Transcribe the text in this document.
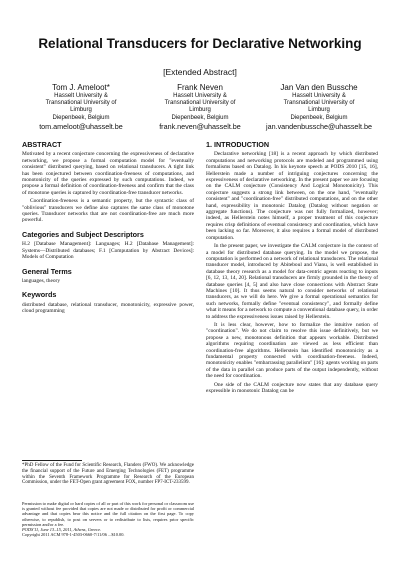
Relational Transducers for Declarative Networking
[Extended Abstract]
Tom J. Ameloot*
Hasselt University &
Transnational University of
Limburg
Diepenbeek, Belgium
tom.ameloot@uhasselt.be
Frank Neven
Hasselt University &
Transnational University of
Limburg
Diepenbeek, Belgium
frank.neven@uhasselt.be
Jan Van den Bussche
Hasselt University &
Transnational University of
Limburg
Diepenbeek, Belgium
jan.vandenbussche@uhasselt.be
ABSTRACT

Motivated by a recent conjecture concerning the expressiveness of declarative networking, we propose a formal computation model for "eventually consistent" distributed querying, based on relational transducers. A tight link has been conjectured between coordination-freeness of computations, and monotonicity of the queries expressed by such computations. Indeed, we propose a formal definition of coordination-freeness and confirm that the class of monotone queries is captured by coordination-free transducer networks.

Coordination-freeness is a semantic property, but the syntactic class of "oblivious" transducers we define also captures the same class of monotone queries. Transducer networks that are not coordination-free are much more powerful.

Categories and Subject Descriptors

H.2 [Database Management]: Languages; H.2 [Database Management]: Systems—Distributed databases; F.1 [Computation by Abstract Devices]: Models of Computation

General Terms

languages, theory

Keywords

distributed database, relational transducer, monotonicity, expressive power, cloud programming

*PhD Fellow of the Fund for Scientific Research, Flanders (FWO). We acknowledge the financial support of the Future and Emerging Technologies (FET) programme within the Seventh Framework Programme for Research of the European Commission, under the FET-Open grant agreement FOX, number FP7-ICT-233599.
Permission to make digital or hard copies of all or part of this work for personal or classroom use is granted without fee provided that copies are not made or distributed for profit or commercial advantage and that copies bear this notice and the full citation on the first page. To copy otherwise, to republish, to post on servers or to redistribute to lists, requires prior specific permission and/or a fee.
PODS'11, June 13–15, 2011, Athens, Greece.
Copyright 2011 ACM 978-1-4503-0660-7/11/06 ...$10.00.
1. INTRODUCTION

Declarative networking [18] is a recent approach by which distributed computations and networking protocols are modeled and programmed using formalisms based on Datalog. In his keynote speech at PODS 2010 [15, 16], Hellerstein made a number of intriguing conjectures concerning the expressiveness of declarative networking. In the present paper we are focusing on the CALM conjecture (Consistency And Logical Monotonicity). This conjecture suggests a strong link between, on the one hand, "eventually consistent" and "coordination-free" distributed computations, and on the other hand, expressibility in monotonic Datalog (Datalog without negation or aggregate functions). The conjecture was not fully formalized, however; indeed, as Hellerstein notes himself, a proper treatment of this conjecture requires crisp definitions of eventual consistency and coordination, which have been lacking so far. Moreover, it also requires a formal model of distributed computation.

In the present paper, we investigate the CALM conjecture in the context of a model for distributed database querying. In the model we propose, the computation is performed on a network of relational transducers. The relational transducer model, introduced by Abiteboul and Vianu, is well established in database theory research as a model for data-centric agents reacting to inputs [6, 12, 13, 14, 20]. Relational transducers are firmly grounded in the theory of database queries [4, 5] and also have close connections with Abstract State Machines [10]. It thus seems natural to consider networks of relational transducers, as we will do here. We give a formal operational semantics for such networks, formally define "eventual consistency", and formally define what it means for a network to compute a conventional database query, in order to address the expressiveness issues raised by Hellerstein.

It is less clear, however, how to formalize the intuitive notion of "coordination". We do not claim to resolve this issue definitively, but we propose a new, monotonous definition that appears workable. Distributed algorithms requiring coordination are viewed as less efficient than coordination-free algorithms. Hellerstein has identified monotonicity as a fundamental property connected with coordination-freeness. Indeed, monotonicity enables "embarrassing parallelism" [16]: agents working on parts of the data in parallel can produce parts of the output independently, without the need for coordination.

One side of the CALM conjecture now states that any database query expressible in monotonic Datalog can be
